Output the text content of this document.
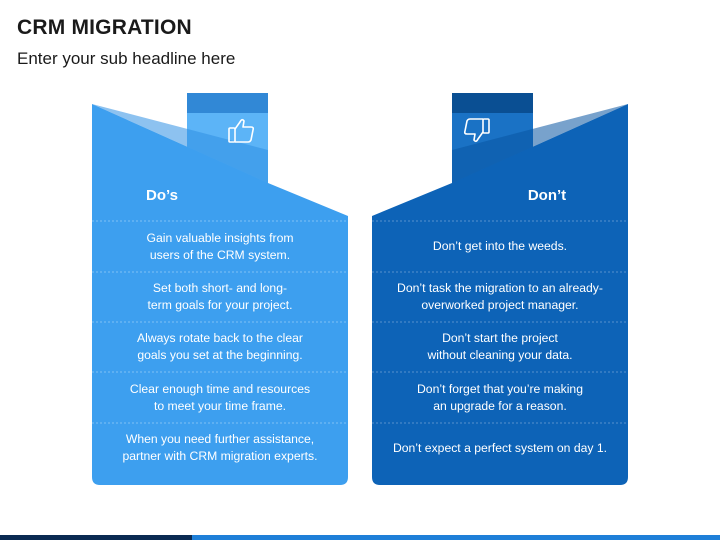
CRM MIGRATION
Enter your sub headline here
Do’s	Don’t
Gain valuable insights from
users of the CRM system.
Set both short- and long-
term goals for your project.
Always rotate back to the clear
goals you set at the beginning.
Clear enough time and resources
to meet your time frame.
When you need further assistance,
partner with CRM migration experts.
Don’t get into the weeds.
Don’t task the migration to an already-
overworked project manager.
Don’t start the project
without cleaning your data.
Don’t forget that you’re making
an upgrade for a reason.
Don’t expect a perfect system on day 1.
